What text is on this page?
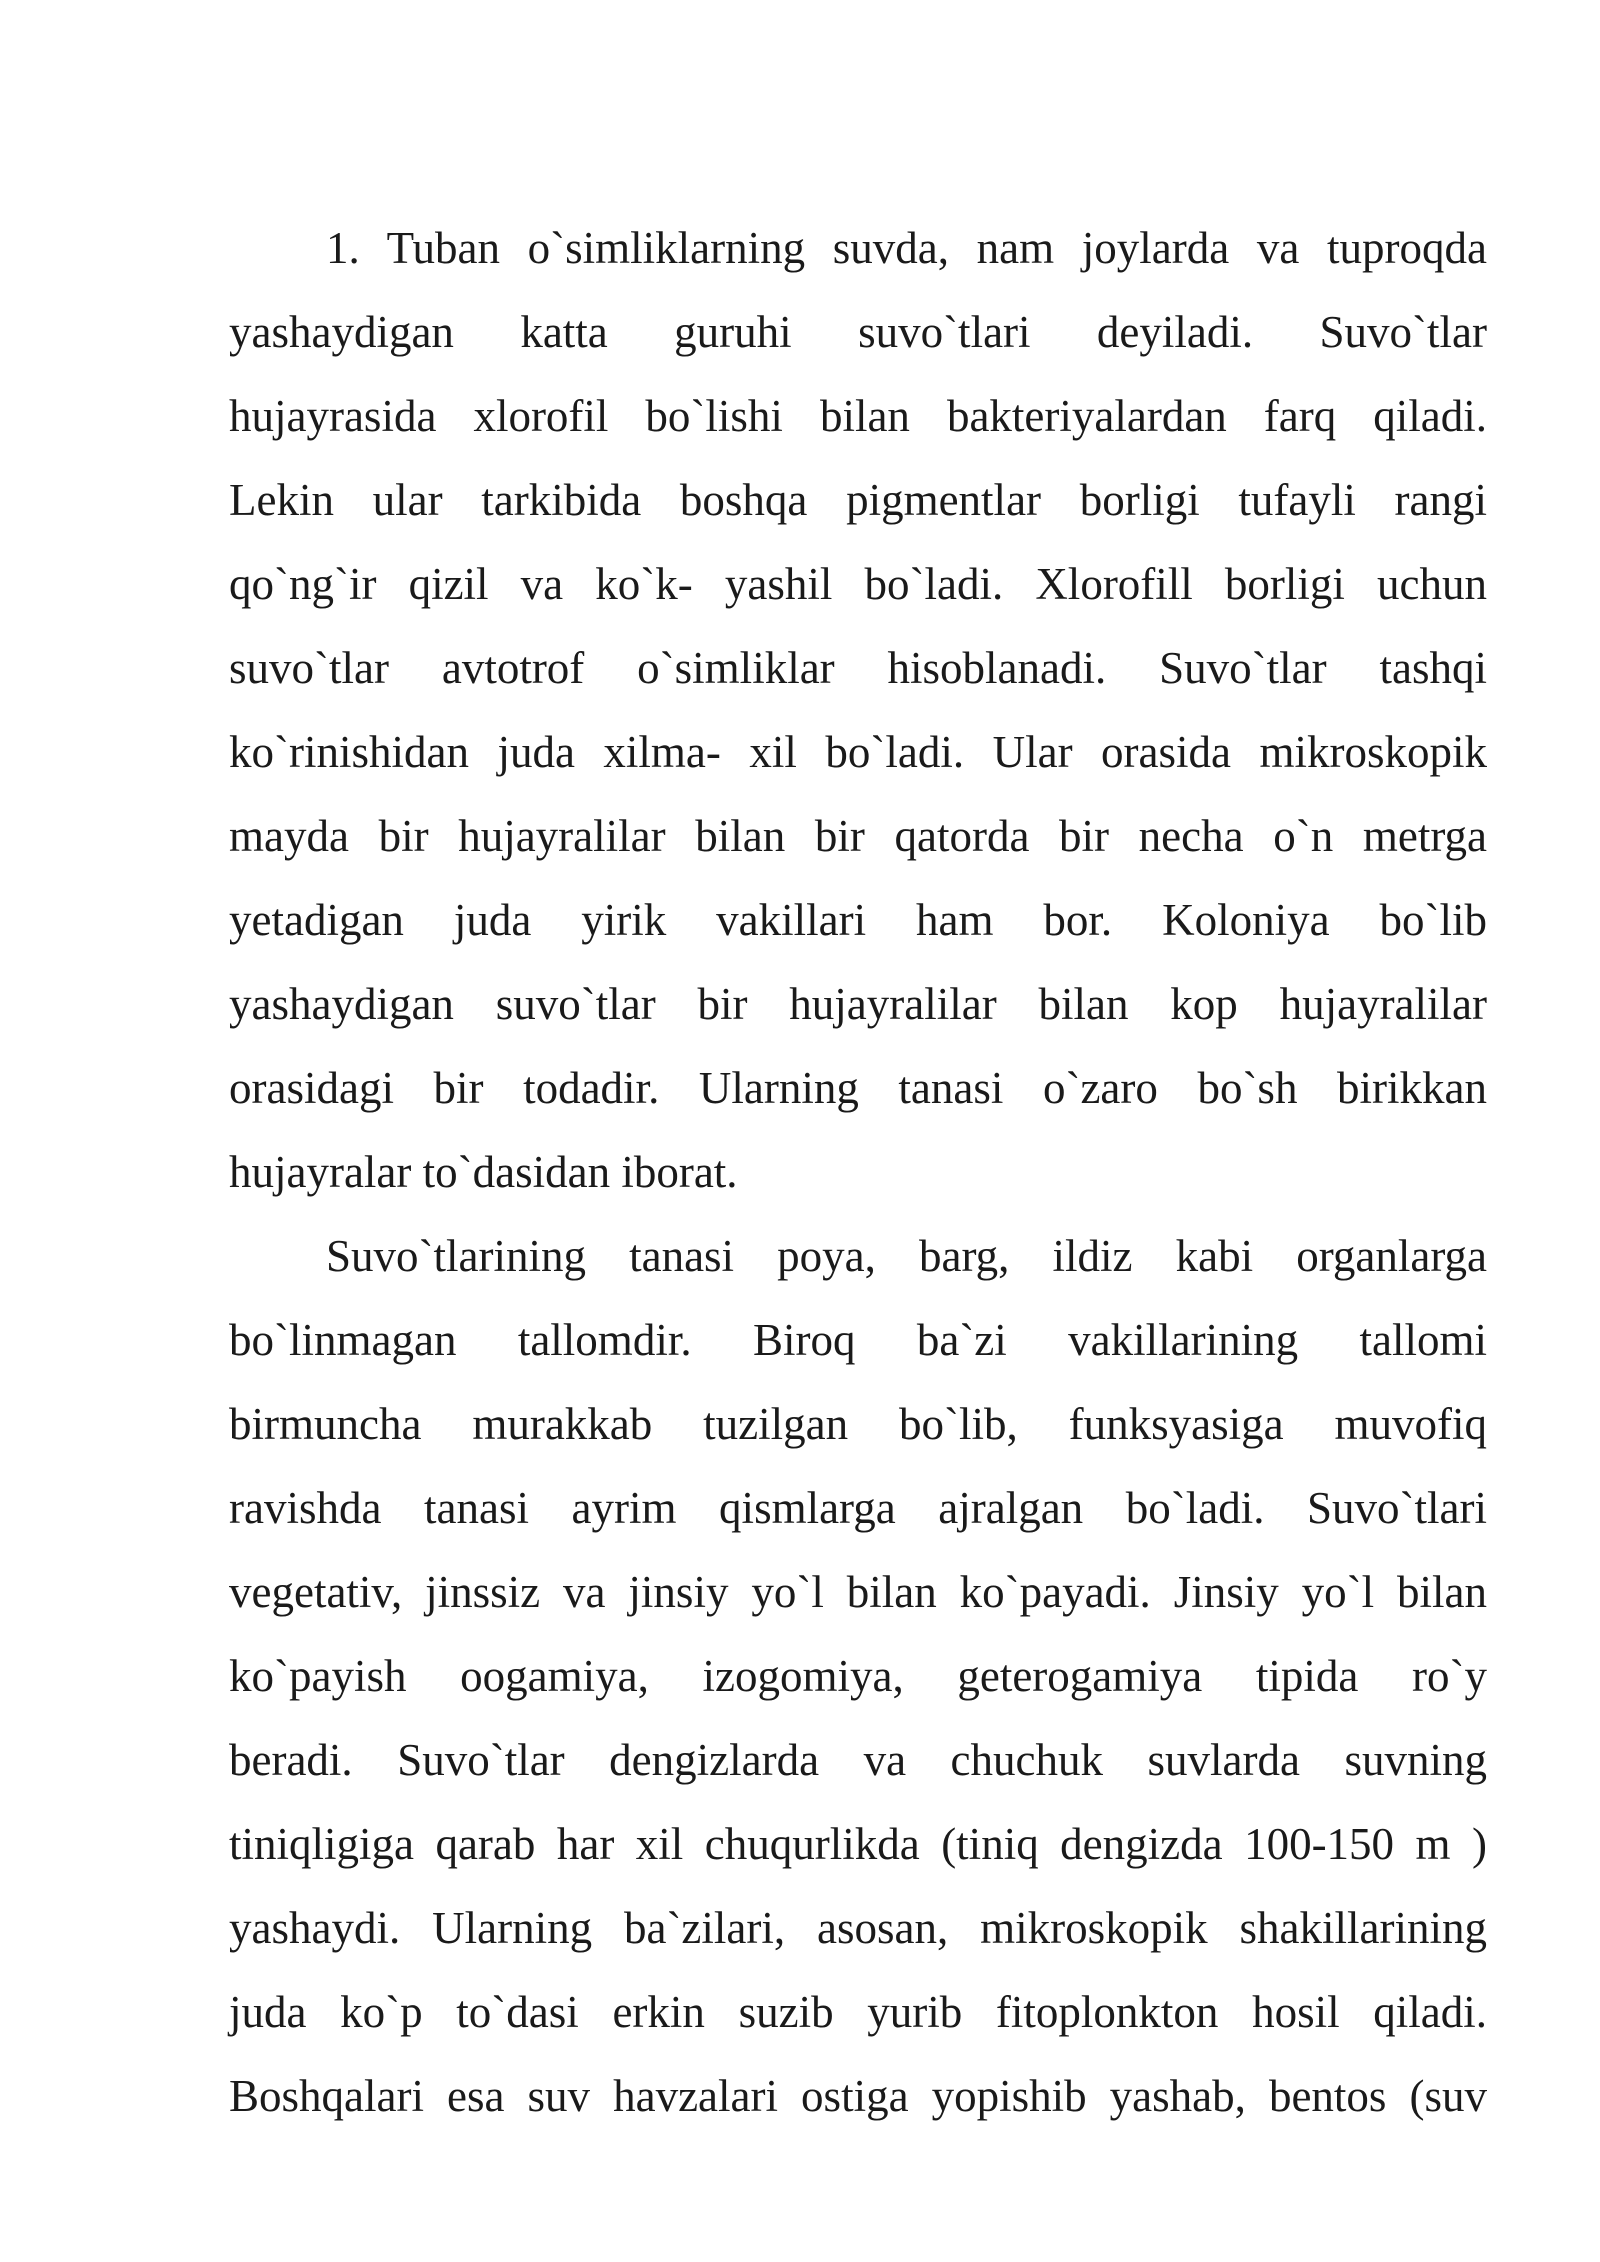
1. Tuban o`simliklarning suvda, nam joylarda va tuproqda
yashaydigan katta guruhi suvo`tlari deyiladi. Suvo`tlar
hujayrasida xlorofil bo`lishi bilan bakteriyalardan farq qiladi.
Lekin ular tarkibida boshqa pigmentlar borligi tufayli rangi
qo`ng`ir qizil va ko`k- yashil bo`ladi. Xlorofill borligi uchun
suvo`tlar avtotrof o`simliklar hisoblanadi. Suvo`tlar tashqi
ko`rinishidan juda xilma- xil bo`ladi. Ular orasida mikroskopik
mayda bir hujayralilar bilan bir qatorda bir necha o`n metrga
yetadigan juda yirik vakillari ham bor. Koloniya bo`lib
yashaydigan suvo`tlar bir hujayralilar bilan kop hujayralilar
orasidagi bir todadir. Ularning tanasi o`zaro bo`sh birikkan
hujayralar to`dasidan iborat.
Suvo`tlarining tanasi poya, barg, ildiz kabi organlarga
bo`linmagan tallomdir. Biroq ba`zi vakillarining tallomi
birmuncha murakkab tuzilgan bo`lib, funksyasiga muvofiq
ravishda tanasi ayrim qismlarga ajralgan bo`ladi. Suvo`tlari
vegetativ, jinssiz va jinsiy yo`l bilan ko`payadi. Jinsiy yo`l bilan
ko`payish oogamiya, izogomiya, geterogamiya tipida ro`y
beradi. Suvo`tlar dengizlarda va chuchuk suvlarda suvning
tiniqligiga qarab har xil chuqurlikda (tiniq dengizda 100-150 m )
yashaydi. Ularning ba`zilari, asosan, mikroskopik shakillarining
juda ko`p to`dasi erkin suzib yurib fitoplonkton hosil qiladi.
Boshqalari esa suv havzalari ostiga yopishib yashab, bentos (suv
